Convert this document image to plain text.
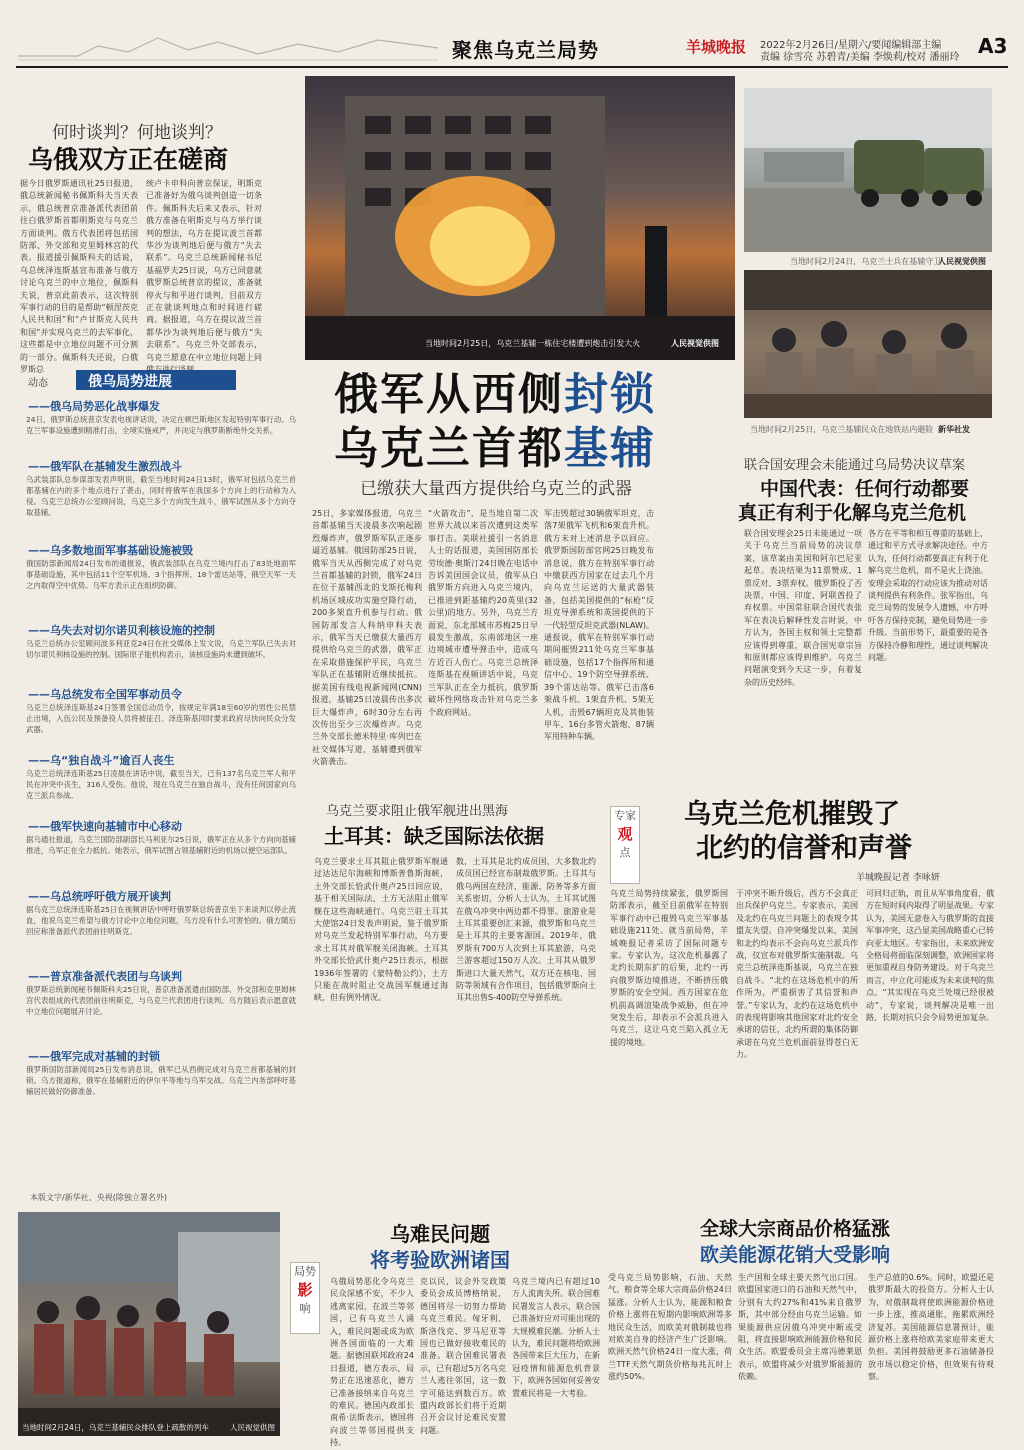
聚焦乌克兰局势	羊城晚报 2022年2月26日/星期六/要闻编辑部主编
责编 徐雪亮 苏碧青/美编 李焕莉/校对 潘丽玲 A3
何时谈判？何地谈判？
乌俄双方正在磋商
据今日俄罗斯通讯社25日报道，俄总统新闻秘书佩斯科夫当天表示，俄总统普京准备派代表团前往白俄罗斯首都明斯克与乌克兰方面谈判。俄方代表团将包括国防部、外交部和克里姆林宫的代表。报道援引佩斯科夫的话说，乌总统泽连斯基宣布准备与俄方讨论乌克兰的中立地位，佩斯科夫说，普京此前表示，这次特别军事行动的目的是帮助“顿涅茨克人民共和国”和“卢甘斯克人民共和国”并实现乌克兰的去军事化，这些都是中立地位问题不可分割的一部分。佩斯科夫还说，白俄罗斯总
统卢卡申科向普京保证，明斯克已准备好为俄乌谈判创造一切条件。佩斯科夫后来又表示，针对俄方准备在明斯克与乌方举行谈判的想法，乌方在提议波兰首都华沙为谈判地后便与俄方“失去联系”。乌克兰总统新闻秘书尼基福罗夫25日说，乌方已同意就俄罗斯总统普京的提议，准备就停火与和平进行谈判，目前双方正在就谈判地点和时间进行磋商。据报道，乌方在提议波兰首都华沙为谈判地后便与俄方“失去联系”。乌克兰外交部表示，乌克兰愿意在中立地位问题上同
当地时间2月25日，乌克兰基辅一栋住宅楼遭到炮击引发大火	人民视觉供图
当地时间2月24日，乌克兰士兵在基辅守卫
人民视觉供图
当地时间2月25日，乌克兰基辅民众在地铁站内避险 新华社发
俄军从西侧封锁
乌克兰首都基辅
已缴获大量西方提供给乌克兰的武器
25日，多家媒体报道，乌克兰首都基辅当天凌晨多次响起剧烈爆炸声，俄罗斯军队正逐步逼近基辅。俄国防部25日说，俄军当天从西侧完成了对乌克兰首都基辅的封锁，俄军24日在位于基辅西北的戈斯托梅利机场区域成功实施空降行动，200多架直升机参与行动。俄国防部发言人科纳申科夫表示，俄军当天已缴获大量西方提供给乌克兰的武器，俄军正在采取措施保护平民，乌克兰军队正在基辅附近继续抵抗。据美国有线电视新闻网(CNN)报道，基辅25日凌晨传出多次巨大爆炸声，6时30分左右再次传出至少三次爆炸声。乌克兰外交部长德米特里·库列巴在社交媒体写道，基辅遭到俄军火箭袭击。
“火箭攻击”，是当地自第二次世界大战以来首次遭到这类军事打击。美联社援引一名消息人士的话报道，美国国防部长劳埃德·奥斯汀24日晚在电话中告诉美国国会议员，俄军从白俄罗斯方向进入乌克兰境内，已推进到距基辅约20英里(32公里)的地方。另外，乌克兰方面说，东北部城市苏梅25日早晨发生激战，东南部地区一座边境城市遭导弹击中，造成乌方近百人伤亡。乌克兰总统泽连斯基在视频讲话中说，乌克兰军队正在全力抵抗，俄罗斯破坏性网络攻击针对乌克兰多个政府网站。
军击毁超过30辆俄军坦克，击落7架俄军飞机和6架直升机。俄方未对上述消息予以回应。俄罗斯国防部官网25日晚发布消息说，俄方在特别军事行动中缴获西方国家在过去几个月向乌克兰运送的大量武器装备，包括美国提供的“标枪”反坦克导弹系统和英国提供的下一代轻型反坦克武器(NLAW)。通报说，俄军在特别军事行动期间摧毁211处乌克兰军事基础设施，包括17个指挥所和通信中心、19个防空导弹系统、39个雷达站等。俄军已击落6架战斗机、1架直升机、5架无人机，击毁67辆坦克及其他装甲车、16台多管火箭炮、87辆军用特种车辆。
联合国安理会未能通过乌局势决议草案
中国代表：任何行动都要
真正有利于化解乌克兰危机
联合国安理会25日未能通过一项关于乌克兰当前局势的决议草案，该草案由美国和阿尔巴尼亚起草。表决结果为11票赞成、1票反对、3票弃权。俄罗斯投了否决票，中国、印度、阿联酋投了弃权票。中国常驻联合国代表张军在表决后解释性发言时说，中方认为，各国主权和领土完整都应该得到尊重，联合国宪章宗旨和原则都应该得到维护。乌克兰问题演变到今天这一步，有着复杂的历史经纬。
各方在平等和相互尊重的基础上，通过和平方式寻求解决途径。中方认为，任何行动都要真正有利于化解乌克兰危机，而不是火上浇油。安理会采取的行动应该为推动对话谈判提供有利条件。张军指出，乌克兰局势的发展令人遗憾，中方呼吁各方保持克制，避免局势进一步升级。当前形势下，最重要的是各方保持冷静和理性，通过谈判解决问题。
动态	俄乌局势进展
——俄乌局势恶化战事爆发
24日，俄罗斯总统普京发表电视讲话说，决定在顿巴斯地区发起特别军事行动。乌克兰军事设施遭到精准打击，全境实施戒严，并决定与俄罗斯断绝外交关系。
——俄军队在基辅发生激烈战斗
乌武装部队总参谋部发表声明说，截至当地时间24日13时，俄军对包括乌克兰首都基辅在内的多个地点进行了袭击，同时将俄军在我国多个方向上的行动称为入侵。乌克兰总统办公室顾问说，乌克兰多个方向发生战斗，俄军试图从多个方向夺取基辅。
——乌多数地面军事基础设施被毁
俄国防部新闻局24日发布的通报说，俄武装部队在乌克兰境内打击了83处地面军事基础设施，其中包括11个空军机场、3个指挥所、18个雷达站等，俄空天军一天之内取得空中优势。乌军方表示正在组织防御。
——乌失去对切尔诺贝利核设施的控制
乌克兰总统办公室顾问波多利亚克24日在社交媒体上发文说，乌克兰军队已失去对切尔诺贝利核设施的控制。国际原子能机构表示，该核设施尚未遭到破坏。
——乌总统发布全国军事动员令
乌克兰总统泽连斯基24日签署全国总动员令，按规定年满18至60岁的男性公民禁止出境，入伍公民及预备役人员将被征召。泽连斯基同时要求政府尽快向民众分发武器。
——乌“独自战斗”逾百人丧生
乌克兰总统泽连斯基25日凌晨在讲话中说，截至当天，已有137名乌克兰军人和平民在冲突中丧生，316人受伤。他说，现在乌克兰在独自战斗，没有任何国家向乌克兰派兵参战。
——俄军快速向基辅市中心移动
据乌通社报道，乌克兰国防部副部长马利亚尔25日说，俄军正在从多个方向向基辅推进，乌军正在全力抵抗。她表示，俄军试图占领基辅附近的机场以便空运部队。
——乌总统呼吁俄方展开谈判
据乌克兰总统泽连斯基25日在视频讲话中呼吁俄罗斯总统普京坐下来谈判以停止流血，他说乌克兰希望与俄方讨论中立地位问题，乌方没有什么可害怕的。俄方随后回应称准备派代表团前往明斯克。
——普京准备派代表团与乌谈判
俄罗斯总统新闻秘书佩斯科夫25日说，普京准备派遣由国防部、外交部和克里姆林宫代表组成的代表团前往明斯克，与乌克兰代表团进行谈判。乌方随后表示愿意就中立地位问题展开讨论。
——俄军完成对基辅的封锁
俄罗斯国防部新闻局25日发布消息说，俄军已从西侧完成对乌克兰首都基辅的封锁。乌方报道称，俄军在基辅附近的伊尔平等地与乌军交战。乌克兰内务部呼吁基辅居民做好防御准备。
乌克兰要求阻止俄军舰进出黑海
土耳其：缺乏国际法依据
乌克兰要求土耳其阻止俄罗斯军舰通过达达尼尔海峡和博斯普鲁斯海峡，土外交部长恰武什奥卢25日回应说，基于相关国际法，土方无法阻止俄军舰在这些海峡通行。乌克兰驻土耳其大使馆24日发表声明说，鉴于俄罗斯对乌克兰发起特别军事行动，乌方要求土耳其对俄军舰关闭海峡。土耳其外交部长恰武什奥卢25日表示，根据1936年签署的《蒙特勒公约》，土方只能在战时阻止交战国军舰通过海峡，但有例外情况。
数，土耳其是北约成员国，大多数北约成员国已经宣布制裁俄罗斯。土耳其与俄乌两国在经济、能源、防务等多方面关系密切，分析人士认为，土耳其试图在俄乌冲突中两边都不得罪。旅游业是土耳其重要创汇来源，俄罗斯和乌克兰是土耳其的主要客源国。2019年，俄罗斯有700万人次到土耳其旅游，乌克兰游客超过150万人次。土耳其从俄罗斯进口大量天然气，双方还在核电、国防等领域有合作项目，包括俄罗斯向土耳其出售S-400防空导弹系统。
专家
观
点
乌克兰危机摧毁了
北约的信誉和声誉
羊城晚报记者 李咏妍
乌克兰局势持续紧张，俄罗斯国防部表示，截至目前俄军在特别军事行动中已摧毁乌克兰军事基础设施211处。就当前局势，羊城晚报记者采访了国际问题专家。专家认为，这次危机暴露了北约长期东扩的后果，北约一再向俄罗斯边境推进，不断挤压俄罗斯的安全空间。西方国家在危机前高调渲染战争威胁，但在冲突发生后，却表示不会派兵进入乌克兰，这让乌克兰陷入孤立无援的境地。
于冲突不断升级后，西方不会真正出兵保护乌克兰。专家表示，美国及北约在乌克兰问题上的表现令其盟友失望。自冲突爆发以来，美国和北约均表示不会向乌克兰派兵作战，仅宣布对俄罗斯实施制裁。乌克兰总统泽连斯基说，乌克兰在独自战斗。“北约在这场危机中的所作所为，严重损害了其信誉和声誉。”专家认为，北约在这场危机中的表现将影响其他国家对北约安全承诺的信任，北约所谓的集体防御承诺在乌克兰危机面前显得苍白无力。
可回归正轨，而且从军事角度看，俄方在短时间内取得了明显战果。专家认为，美国无意卷入与俄罗斯的直接军事冲突，这凸显美国战略重心已转向亚太地区。专家指出，未来欧洲安全格局将面临深刻调整，欧洲国家将更加重视自身防务建设。对于乌克兰而言，中立化可能成为未来谈判的焦点。“其实现在乌克兰处境已经很被动”，专家说，谈判解决是唯一出路，长期对抗只会令局势更加复杂。
全球大宗商品价格猛涨
欧美能源花销大受影响
受乌克兰局势影响，石油、天然气、粮食等全球大宗商品价格24日猛涨。分析人士认为，能源和粮食价格上涨将在短期内影响欧洲等多地民众生活，而欧美对俄制裁也将对欧美自身的经济产生广泛影响。欧洲天然气价格24日一度大涨，荷兰TTF天然气期货价格每兆瓦时上涨约50%。
生产国和全球主要天然气出口国。欧盟国家进口的石油和天然气中，分别有大约27%和41%来自俄罗斯，其中部分经由乌克兰运输。如果能源供应因俄乌冲突中断或受阻，将直接影响欧洲能源价格和民众生活。欧盟委员会主席冯德莱恩表示，欧盟将减少对俄罗斯能源的依赖。
生产总值的0.6%。同时，欧盟还是俄罗斯最大的投资方。分析人士认为，对俄制裁将使欧洲能源价格进一步上涨，推高通胀，拖累欧洲经济复苏。美国能源信息署预计，能源价格上涨将给欧美家庭带来更大负担。美国将鼓励更多石油储备投放市场以稳定价格，但效果有待观察。
本版文字/新华社、央视(除独立署名外)
乌难民问题
将考验欧洲诸国
局势
影
响
乌俄局势恶化令乌克兰民众深感不安，不少人逃离家园，在波兰等邻国，已有乌克兰人涌入，难民问题或成为欧洲各国面临的一大难题。据德国联邦政府24日报道，德方表示，局势正在迅速恶化，德方已准备接纳来自乌克兰的难民。德国内政部长南希·法斯表示，德国将向波兰等邻国提供支持。
克以民，议会外交政策委员会成员博格纳说，德国将尽一切努力帮助乌克兰难民。匈牙利、斯洛伐克、罗马尼亚等国也已做好接收难民的准备。联合国难民署表示，已有超过5万名乌克兰人逃往邻国，这一数字可能达到数百万。欧盟内政部长们将于近期召开会议讨论难民安置问题。
乌克兰境内已有超过10万人流离失所。联合国难民署发言人表示，联合国已准备好应对可能出现的大规模难民潮。分析人士认为，难民问题将给欧洲各国带来巨大压力，在新冠疫情和能源危机背景下，欧洲各国如何妥善安置难民将是一大考验。
当地时间2月24日，乌克兰基辅民众排队登上疏散的列车	人民视觉供图
